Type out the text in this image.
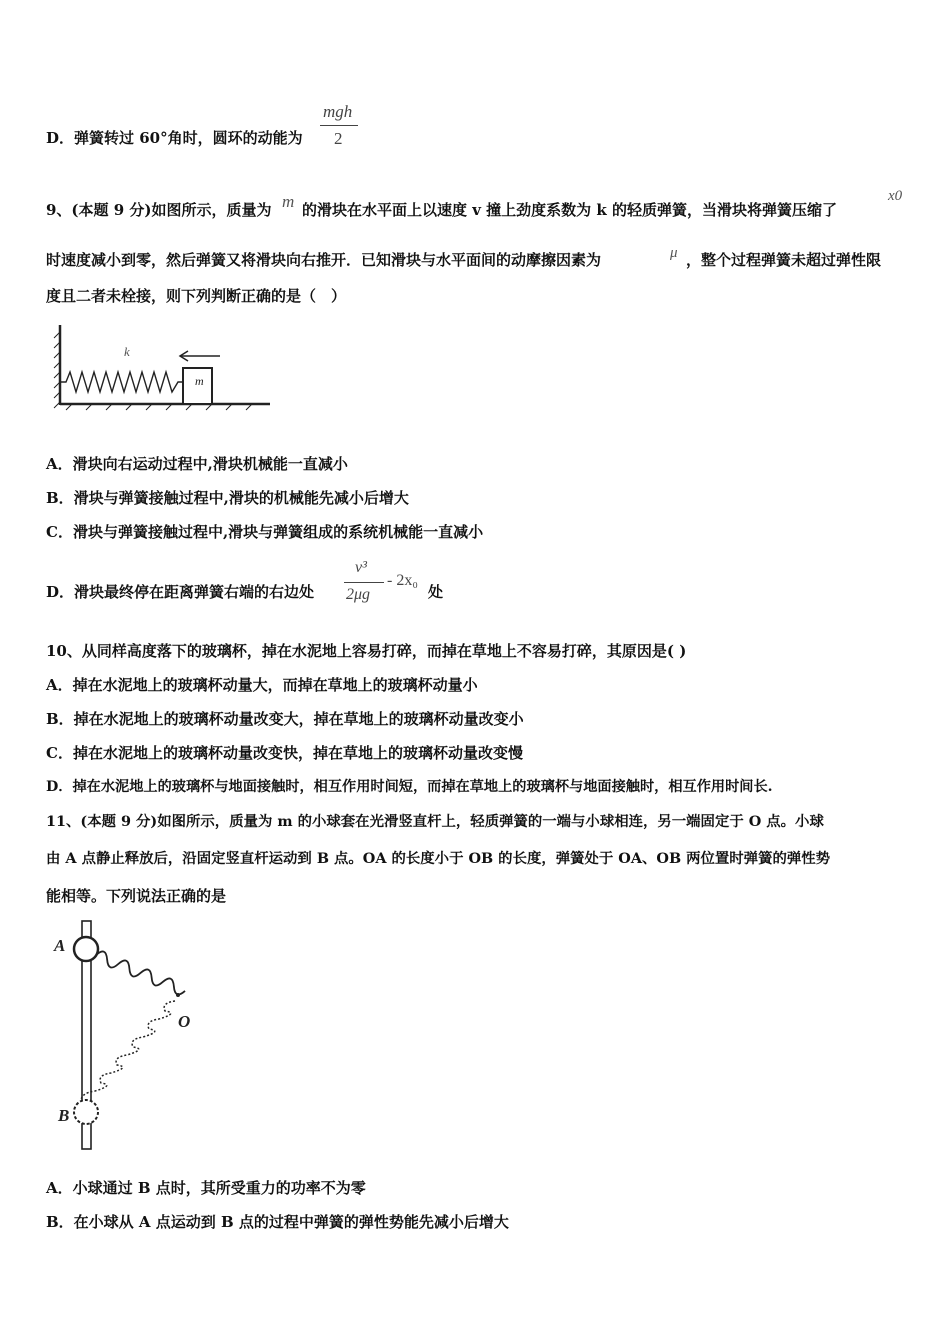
D．弹簧转过 60°角时，圆环的动能为
mgh
2
9、(本题 9 分)如图所示，质量为 m 的滑块在水平面上以速度 v 撞上劲度系数为 k 的轻质弹簧，当滑块将弹簧压缩了
x0
时速度减小到零，然后弹簧又将滑块向右推开．已知滑块与水平面间的动摩擦因素为	μ ，整个过程弹簧未超过弹性限
度且二者未栓接，则下列判断正确的是（　）
k
m
A．滑块向右运动过程中,滑块机械能一直减小
B．滑块与弹簧接触过程中,滑块的机械能先减小后增大
C．滑块与弹簧接触过程中,滑块与弹簧组成的系统机械能一直减小
D．滑块最终停在距离弹簧右端的右边处
v³
2μg
- 2x₀
处
10、从同样高度落下的玻璃杯，掉在水泥地上容易打碎，而掉在草地上不容易打碎，其原因是( )
A．掉在水泥地上的玻璃杯动量大，而掉在草地上的玻璃杯动量小
B．掉在水泥地上的玻璃杯动量改变大，掉在草地上的玻璃杯动量改变小
C．掉在水泥地上的玻璃杯动量改变快，掉在草地上的玻璃杯动量改变慢
D．掉在水泥地上的玻璃杯与地面接触时，相互作用时间短，而掉在草地上的玻璃杯与地面接触时，相互作用时间长.
11、(本题 9 分)如图所示，质量为 m 的小球套在光滑竖直杆上，轻质弹簧的一端与小球相连，另一端固定于 O 点。小球
由 A 点静止释放后，沿固定竖直杆运动到 B 点。OA 的长度小于 OB 的长度，弹簧处于 OA、OB 两位置时弹簧的弹性势
能相等。下列说法正确的是
A
B
O
A．小球通过 B 点时，其所受重力的功率不为零
B．在小球从 A 点运动到 B 点的过程中弹簧的弹性势能先减小后增大
